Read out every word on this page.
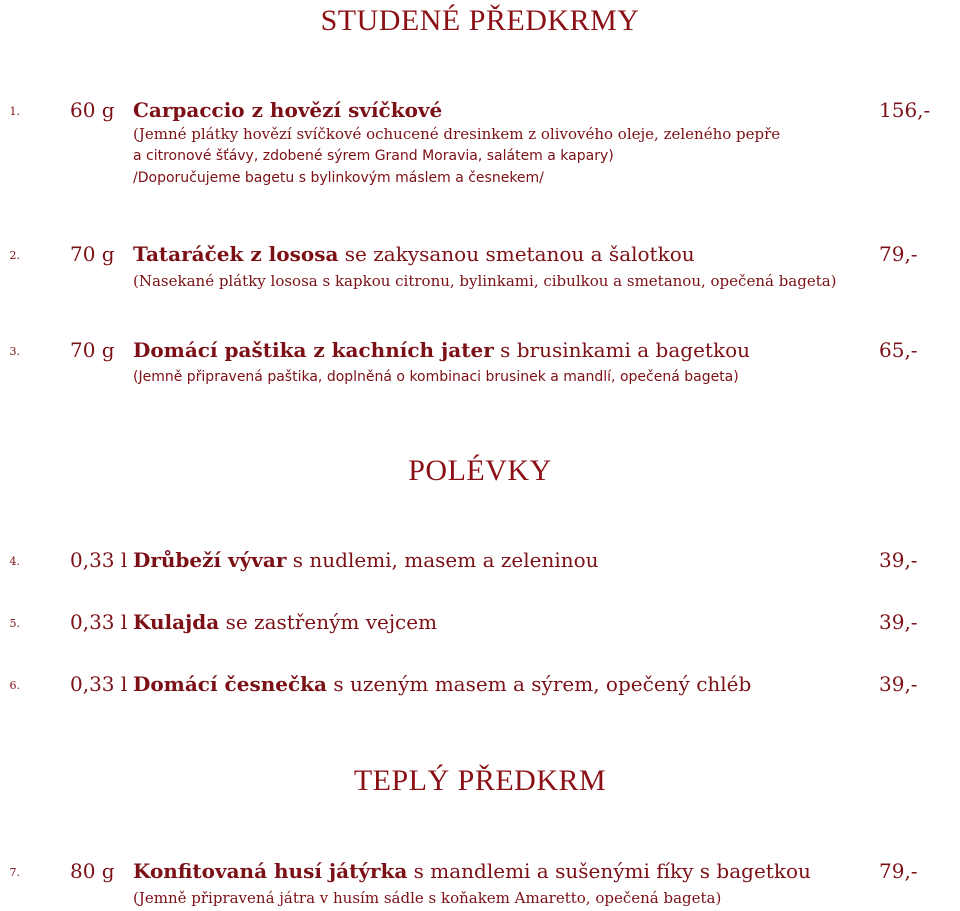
STUDENÉ PŘEDKRMY
1.	60 g Carpaccio z hovězí svíčkové	156,-
(Jemné plátky hovězí svíčkové ochucené dresinkem z olivového oleje, zeleného pepře
a citronové šťávy, zdobené sýrem Grand Moravia, salátem a kapary)
/Doporučujeme bagetu s bylinkovým máslem a česnekem/
2.	70 g Tataráček z lososa se zakysanou smetanou a šalotkou	79,-
(Nasekané plátky lososa s kapkou citronu, bylinkami, cibulkou a smetanou, opečená bageta)
3.	70 g Domácí paštika z kachních jater s brusinkami a bagetkou	65,-
(Jemně připravená paštika, doplněná o kombinaci brusinek a mandlí, opečená bageta)
POLÉVKY
4.	0,33 l Drůbeží vývar s nudlemi, masem a zeleninou	39,-
5.	0,33 l Kulajda se zastřeným vejcem	39,-
6.	0,33 l Domácí česnečka s uzeným masem a sýrem, opečený chléb	39,-
TEPLÝ PŘEDKRM
7.	80 g Konfitovaná husí játýrka s mandlemi a sušenými fíky s bagetkou	79,-
(Jemně připravená játra v husím sádle s koňakem Amaretto, opečená bageta)
